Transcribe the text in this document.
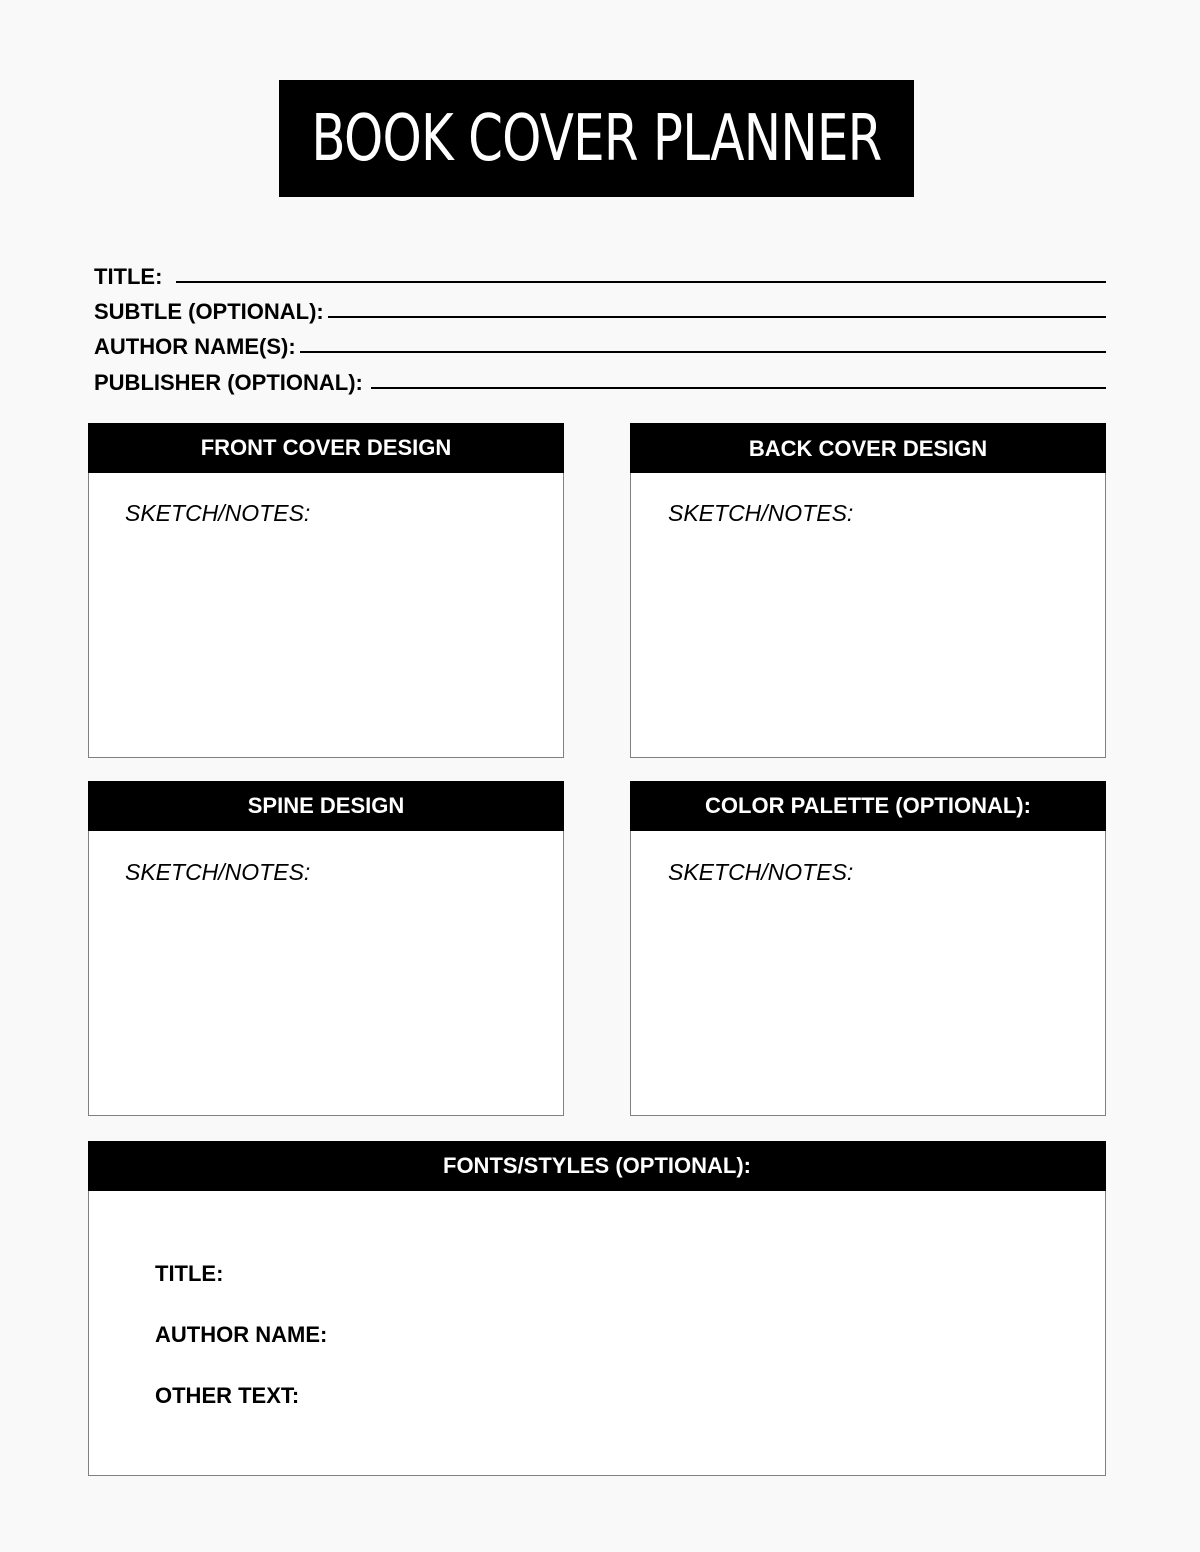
BOOK COVER PLANNER
TITLE:
SUBTLE (OPTIONAL):
AUTHOR NAME(S):
PUBLISHER (OPTIONAL):
FRONT COVER DESIGN
SKETCH/NOTES:
BACK COVER DESIGN
SKETCH/NOTES:
SPINE DESIGN
SKETCH/NOTES:
COLOR PALETTE (OPTIONAL):
SKETCH/NOTES:
FONTS/STYLES (OPTIONAL):
TITLE:
AUTHOR NAME:
OTHER TEXT:
